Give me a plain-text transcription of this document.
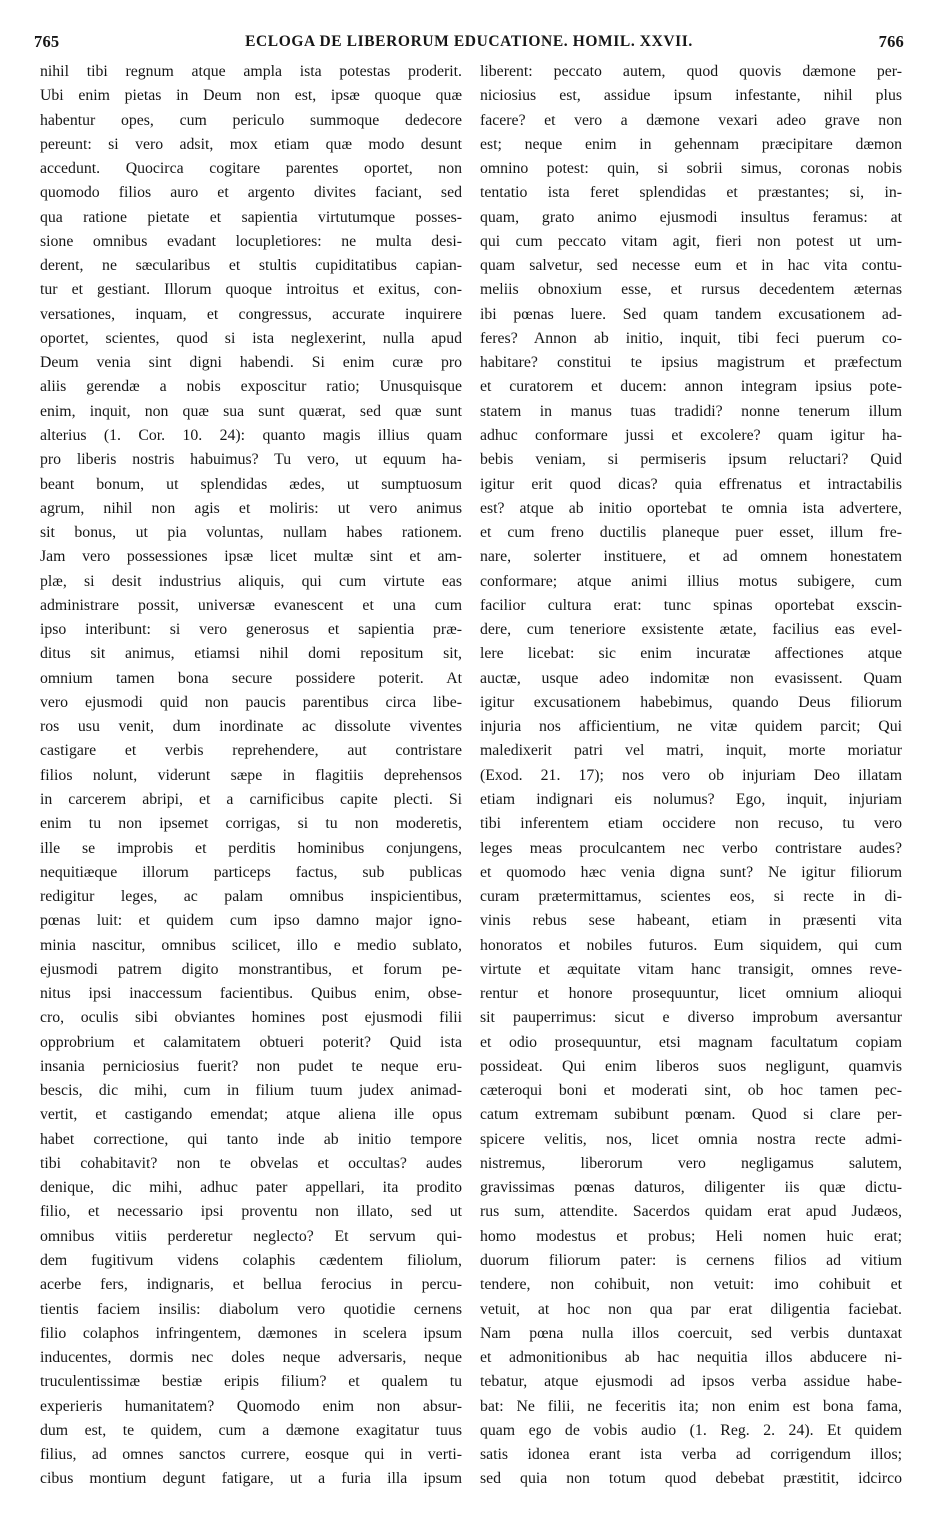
765	ECLOGA DE LIBERORUM EDUCATIONE. HOMIL. XXVII.	766
nihil tibi regnum atque ampla ista potestas proderit.
Ubi enim pietas in Deum non est, ipsæ quoque quæ
habentur opes, cum periculo summoque dedecore
pereunt: si vero adsit, mox etiam quæ modo desunt
accedunt. Quocirca cogitare parentes oportet, non
quomodo filios auro et argento divites faciant, sed
qua ratione pietate et sapientia virtutumque posses-
sione omnibus evadant locupletiores: ne multa desi-
derent, ne sæcularibus et stultis cupiditatibus capian-
tur et gestiant. Illorum quoque introitus et exitus, con-
versationes, inquam, et congressus, accurate inquirere
oportet, scientes, quod si ista neglexerint, nulla apud
Deum venia sint digni habendi. Si enim curæ pro
aliis gerendæ a nobis exposcitur ratio; Unusquisque
enim, inquit, non quæ sua sunt quærat, sed quæ sunt
alterius (1. Cor. 10. 24): quanto magis illius quam
pro liberis nostris habuimus? Tu vero, ut equum ha-
beant bonum, ut splendidas ædes, ut sumptuosum
agrum, nihil non agis et moliris: ut vero animus
sit bonus, ut pia voluntas, nullam habes rationem.
Jam vero possessiones ipsæ licet multæ sint et am-
plæ, si desit industrius aliquis, qui cum virtute eas
administrare possit, universæ evanescent et una cum
ipso interibunt: si vero generosus et sapientia præ-
ditus sit animus, etiamsi nihil domi repositum sit,
omnium tamen bona secure possidere poterit. At
vero ejusmodi quid non paucis parentibus circa libe-
ros usu venit, dum inordinate ac dissolute viventes
castigare et verbis reprehendere, aut contristare
filios nolunt, viderunt sæpe in flagitiis deprehensos
in carcerem abripi, et a carnificibus capite plecti. Si
enim tu non ipsemet corrigas, si tu non moderetis,
ille se improbis et perditis hominibus conjungens,
nequitiæque illorum particeps factus, sub publicas
redigitur leges, ac palam omnibus inspicientibus,
pœnas luit: et quidem cum ipso damno major igno-
minia nascitur, omnibus scilicet, illo e medio sublato,
ejusmodi patrem digito monstrantibus, et forum pe-
nitus ipsi inaccessum facientibus. Quibus enim, obse-
cro, oculis sibi obviantes homines post ejusmodi filii
opprobrium et calamitatem obtueri poterit? Quid ista
insania perniciosius fuerit? non pudet te neque eru-
bescis, dic mihi, cum in filium tuum judex animad-
vertit, et castigando emendat; atque aliena ille opus
habet correctione, qui tanto inde ab initio tempore
tibi cohabitavit? non te obvelas et occultas? audes
denique, dic mihi, adhuc pater appellari, ita prodito
filio, et necessario ipsi proventu non illato, sed ut
omnibus vitiis perderetur neglecto? Et servum qui-
dem fugitivum videns colaphis cædentem filiolum,
acerbe fers, indignaris, et bellua ferocius in percu-
tientis faciem insilis: diabolum vero quotidie cernens
filio colaphos infringentem, dæmones in scelera ipsum
inducentes, dormis nec doles neque adversaris, neque
truculentissimæ bestiæ eripis filium? et qualem tu
experieris humanitatem? Quomodo enim non absur-
dum est, te quidem, cum a dæmone exagitatur tuus
filius, ad omnes sanctos currere, eosque qui in verti-
cibus montium degunt fatigare, ut a furia illa ipsum
liberent: peccato autem, quod quovis dæmone per-
niciosius est, assidue ipsum infestante, nihil plus
facere? et vero a dæmone vexari adeo grave non
est; neque enim in gehennam præcipitare dæmon
omnino potest: quin, si sobrii simus, coronas nobis
tentatio ista feret splendidas et præstantes; si, in-
quam, grato animo ejusmodi insultus feramus: at
qui cum peccato vitam agit, fieri non potest ut um-
quam salvetur, sed necesse eum et in hac vita contu-
meliis obnoxium esse, et rursus decedentem æternas
ibi pœnas luere. Sed quam tandem excusationem ad-
feres? Annon ab initio, inquit, tibi feci puerum co-
habitare? constitui te ipsius magistrum et præfectum
et curatorem et ducem: annon integram ipsius pote-
statem in manus tuas tradidi? nonne tenerum illum
adhuc conformare jussi et excolere? quam igitur ha-
bebis veniam, si permiseris ipsum reluctari? Quid
igitur erit quod dicas? quia effrenatus et intractabilis
est? atque ab initio oportebat te omnia ista advertere,
et cum freno ductilis planeque puer esset, illum fre-
nare, solerter instituere, et ad omnem honestatem
conformare; atque animi illius motus subigere, cum
facilior cultura erat: tunc spinas oportebat exscin-
dere, cum teneriore exsistente ætate, facilius eas evel-
lere licebat: sic enim incuratæ affectiones atque
auctæ, usque adeo indomitæ non evasissent. Quam
igitur excusationem habebimus, quando Deus filiorum
injuria nos afficientium, ne vitæ quidem parcit; Qui
maledixerit patri vel matri, inquit, morte moriatur
(Exod. 21. 17); nos vero ob injuriam Deo illatam
etiam indignari eis nolumus? Ego, inquit, injuriam
tibi inferentem etiam occidere non recuso, tu vero
leges meas proculcantem nec verbo contristare audes?
et quomodo hæc venia digna sunt? Ne igitur filiorum
curam prætermittamus, scientes eos, si recte in di-
vinis rebus sese habeant, etiam in præsenti vita
honoratos et nobiles futuros. Eum siquidem, qui cum
virtute et æquitate vitam hanc transigit, omnes reve-
rentur et honore prosequuntur, licet omnium alioqui
sit pauperrimus: sicut e diverso improbum aversantur
et odio prosequuntur, etsi magnam facultatum copiam
possideat. Qui enim liberos suos negligunt, quamvis
cæteroqui boni et moderati sint, ob hoc tamen pec-
catum extremam subibunt pœnam. Quod si clare per-
spicere velitis, nos, licet omnia nostra recte admi-
nistremus, liberorum vero negligamus salutem,
gravissimas pœnas daturos, diligenter iis quæ dictu-
rus sum, attendite. Sacerdos quidam erat apud Judæos,
homo modestus et probus; Heli nomen huic erat;
duorum filiorum pater: is cernens filios ad vitium
tendere, non cohibuit, non vetuit: imo cohibuit et
vetuit, at hoc non qua par erat diligentia faciebat.
Nam pœna nulla illos coercuit, sed verbis duntaxat
et admonitionibus ab hac nequitia illos abducere ni-
tebatur, atque ejusmodi ad ipsos verba assidue habe-
bat: Ne filii, ne feceritis ita; non enim est bona fama,
quam ego de vobis audio (1. Reg. 2. 24). Et quidem
satis idonea erant ista verba ad corrigendum illos;
sed quia non totum quod debebat præstitit, idcirco
